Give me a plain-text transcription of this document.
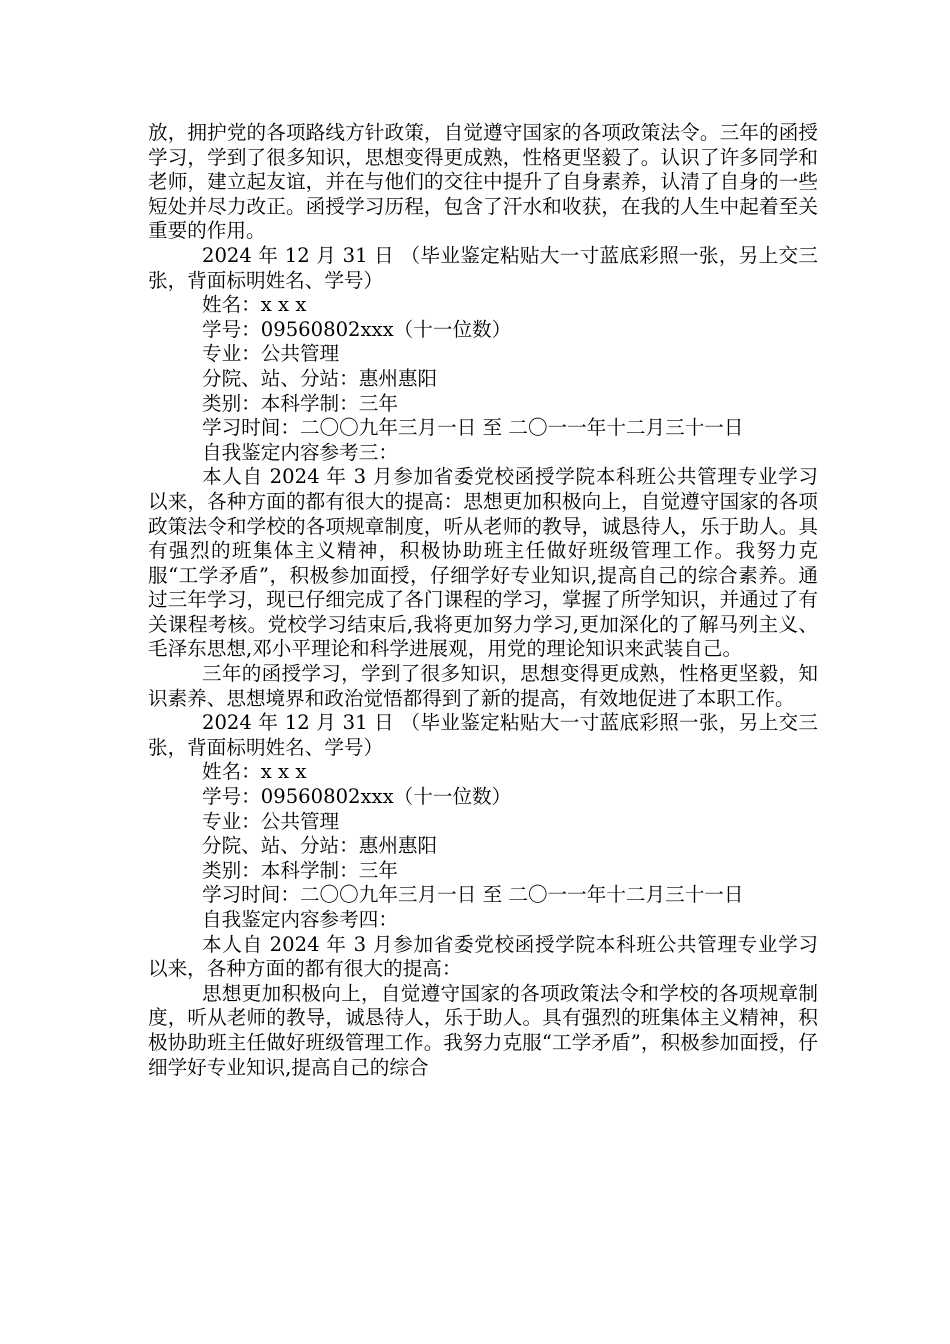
放，拥护党的各项路线方针政策，自觉遵守国家的各项政策法令。三年的函授学习，学到了很多知识，思想变得更成熟，性格更坚毅了。认识了许多同学和老师，建立起友谊，并在与他们的交往中提升了自身素养，认清了自身的一些短处并尽力改正。函授学习历程，包含了汗水和收获，在我的人生中起着至关重要的作用。

2024 年 12 月 31 日 （毕业鉴定粘贴大一寸蓝底彩照一张，另上交三张，背面标明姓名、学号）

姓名：x x x

学号：09560802xxx（十一位数）

专业：公共管理

分院、站、分站：惠州惠阳

类别：本科学制：三年

学习时间：二〇〇九年三月一日 至 二〇一一年十二月三十一日

自我鉴定内容参考三：

本人自 2024 年 3 月参加省委党校函授学院本科班公共管理专业学习以来，各种方面的都有很大的提高：思想更加积极向上，自觉遵守国家的各项政策法令和学校的各项规章制度，听从老师的教导，诚恳待人，乐于助人。具有强烈的班集体主义精神，积极协助班主任做好班级管理工作。我努力克服“工学矛盾”，积极参加面授，仔细学好专业知识,提高自己的综合素养。通过三年学习，现已仔细完成了各门课程的学习，掌握了所学知识，并通过了有关课程考核。党校学习结束后,我将更加努力学习,更加深化的了解马列主义、毛泽东思想,邓小平理论和科学进展观，用党的理论知识来武装自己。

三年的函授学习，学到了很多知识，思想变得更成熟，性格更坚毅，知识素养、思想境界和政治觉悟都得到了新的提高，有效地促进了本职工作。

2024 年 12 月 31 日 （毕业鉴定粘贴大一寸蓝底彩照一张，另上交三张，背面标明姓名、学号）

姓名：x x x

学号：09560802xxx（十一位数）

专业：公共管理

分院、站、分站：惠州惠阳

类别：本科学制：三年

学习时间：二〇〇九年三月一日 至 二〇一一年十二月三十一日

自我鉴定内容参考四：

本人自 2024 年 3 月参加省委党校函授学院本科班公共管理专业学习以来，各种方面的都有很大的提高：

思想更加积极向上，自觉遵守国家的各项政策法令和学校的各项规章制度，听从老师的教导，诚恳待人，乐于助人。具有强烈的班集体主义精神，积极协助班主任做好班级管理工作。我努力克服“工学矛盾”，积极参加面授，仔细学好专业知识,提高自己的综合
